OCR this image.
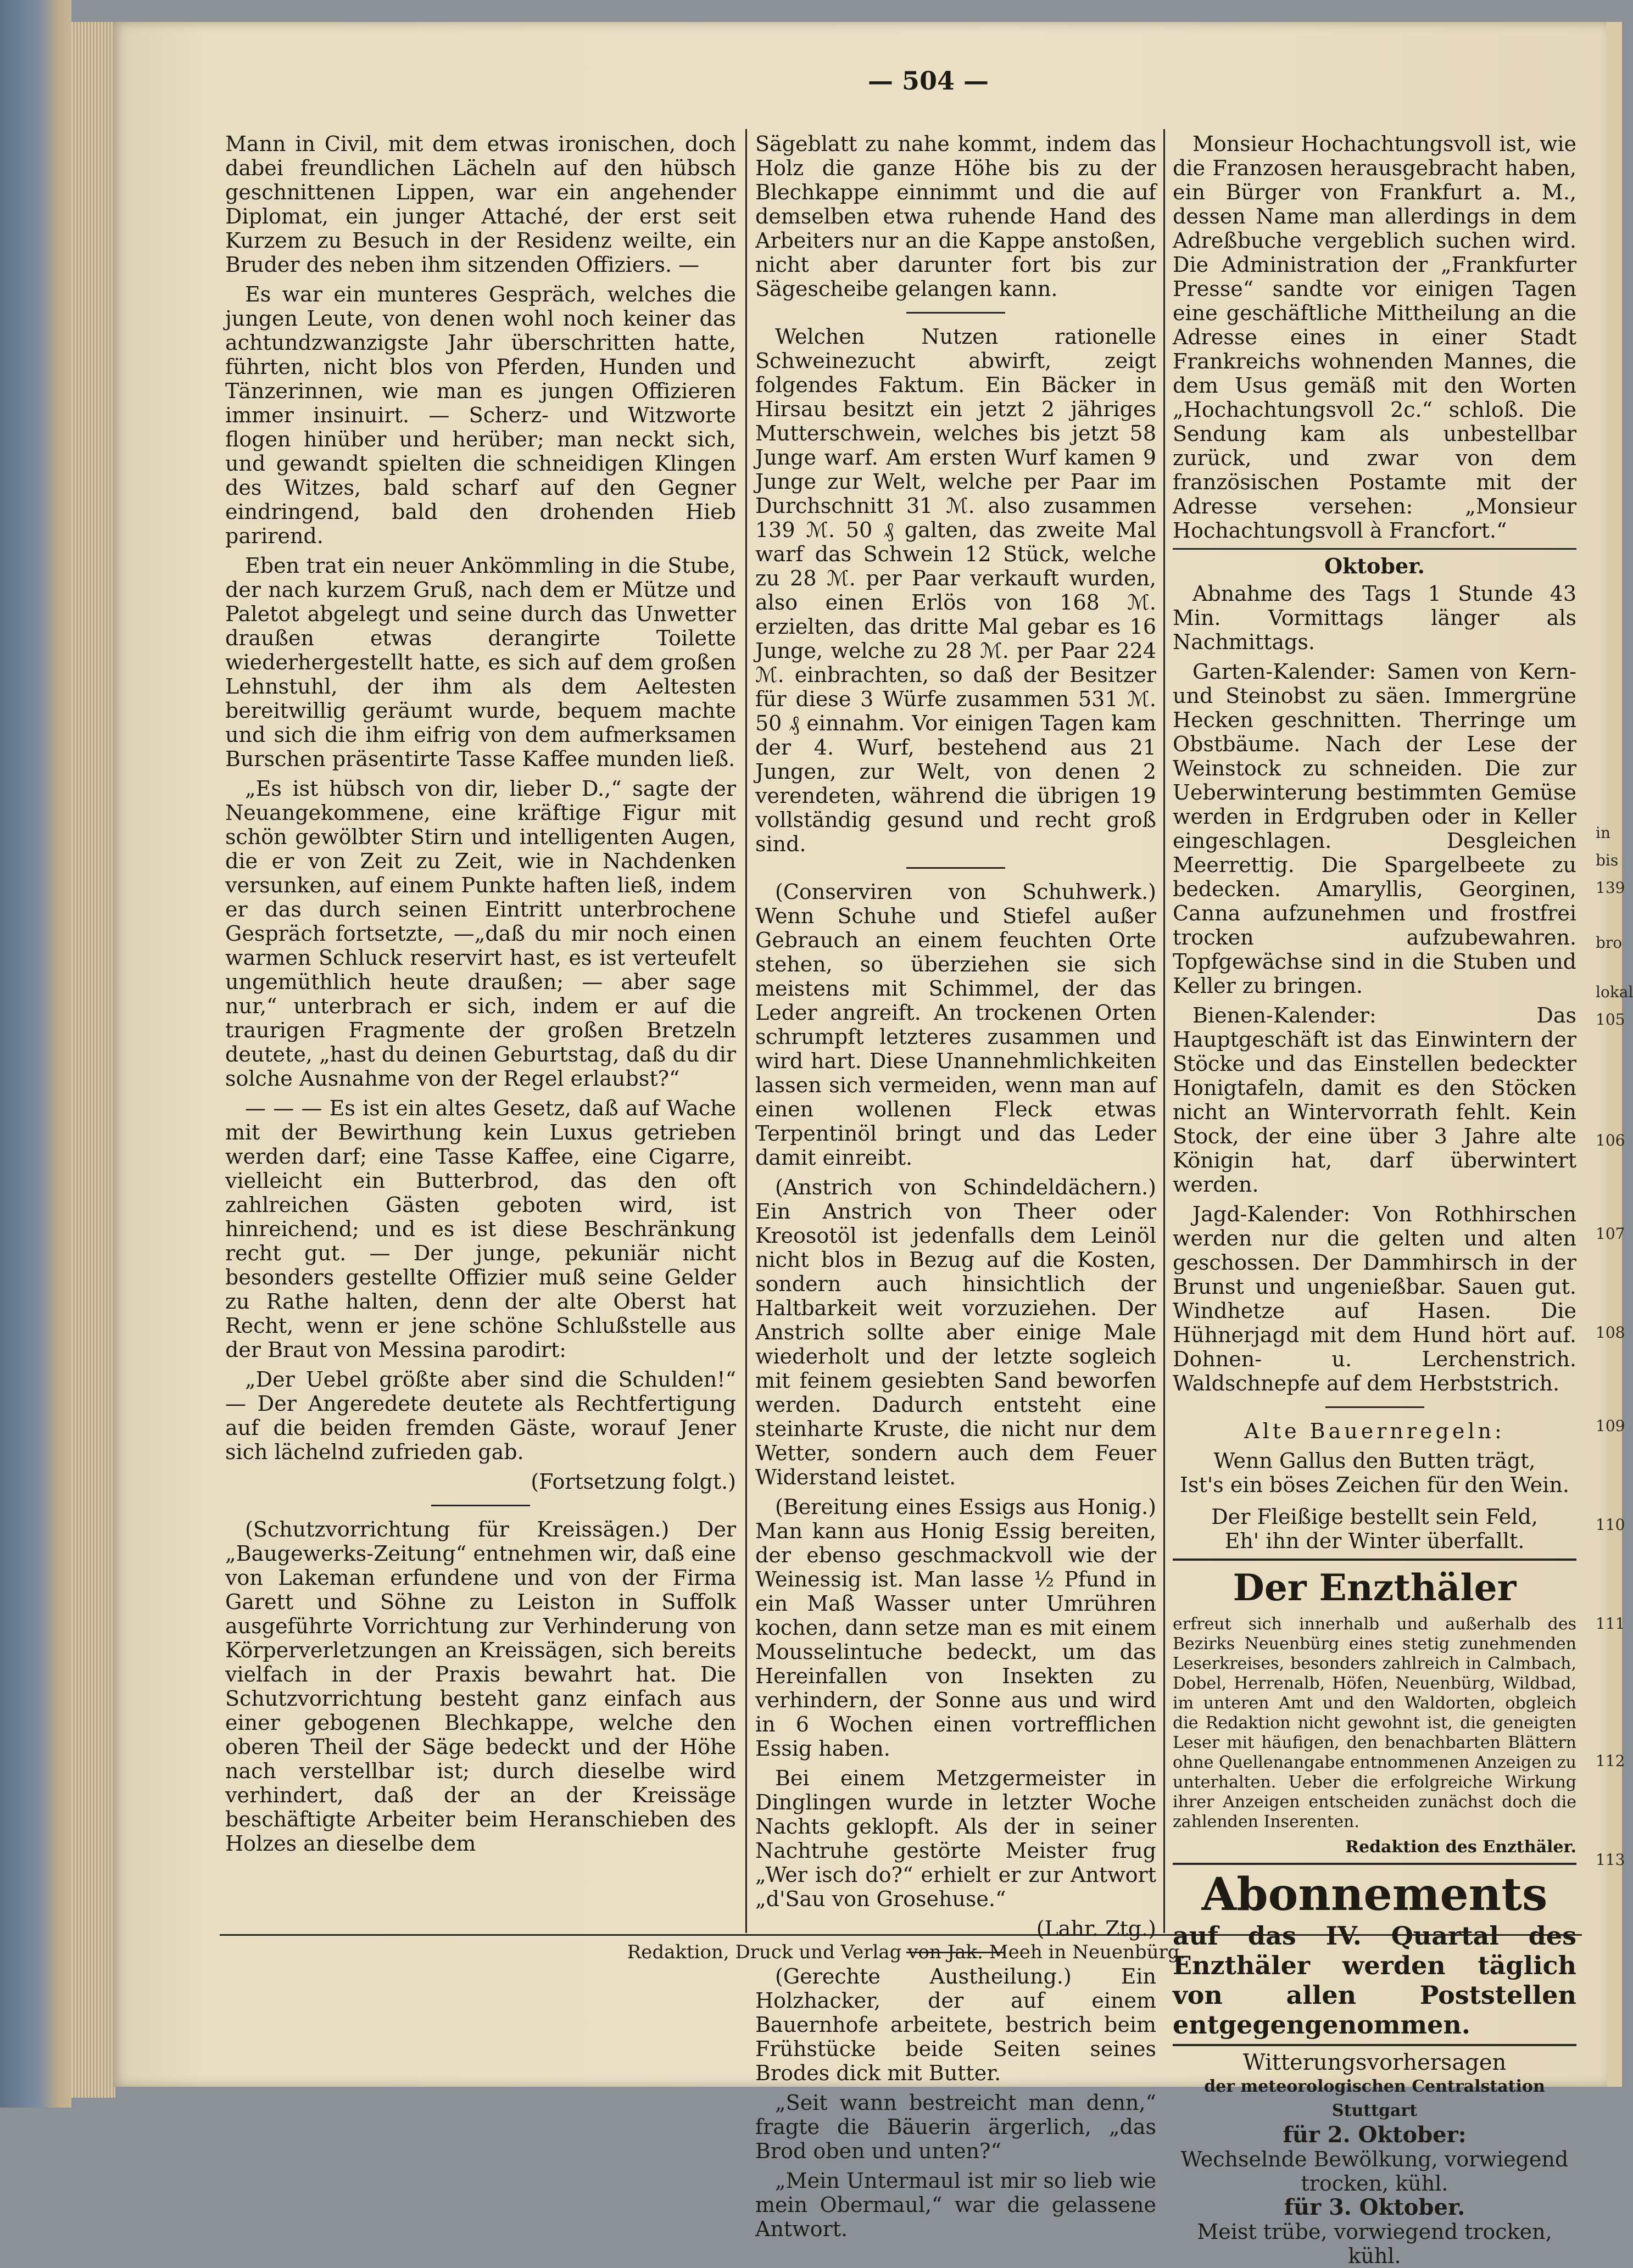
— 504 —

Mann in Civil, mit dem etwas ironischen, doch dabei freundlichen Lächeln auf den hübsch geschnittenen Lippen, war ein angehender Diplomat, ein junger Attaché, der erst seit Kurzem zu Besuch in der Residenz weilte, ein Bruder des neben ihm sitzenden Offiziers. —

Es war ein munteres Gespräch, welches die jungen Leute, von denen wohl noch keiner das achtundzwanzigste Jahr überschritten hatte, führten, nicht blos von Pferden, Hunden und Tänzerinnen, wie man es jungen Offizieren immer insinuirt. — Scherz- und Witzworte flogen hinüber und herüber; man neckt sich, und gewandt spielten die schneidigen Klingen des Witzes, bald scharf auf den Gegner eindringend, bald den drohenden Hieb parirend.

Eben trat ein neuer Ankömmling in die Stube, der nach kurzem Gruß, nach dem er Mütze und Paletot abgelegt und seine durch das Unwetter draußen etwas derangirte Toilette wiederhergestellt hatte, es sich auf dem großen Lehnstuhl, der ihm als dem Aeltesten bereitwillig geräumt wurde, bequem machte und sich die ihm eifrig von dem aufmerksamen Burschen präsentirte Tasse Kaffee munden ließ.

„Es ist hübsch von dir, lieber D.,“ sagte der Neuangekommene, eine kräftige Figur mit schön gewölbter Stirn und intelligenten Augen, die er von Zeit zu Zeit, wie in Nachdenken versunken, auf einem Punkte haften ließ, indem er das durch seinen Eintritt unterbrochene Gespräch fortsetzte, —„daß du mir noch einen warmen Schluck reservirt hast, es ist verteufelt ungemüthlich heute draußen; — aber sage nur,“ unterbrach er sich, indem er auf die traurigen Fragmente der großen Bretzeln deutete, „hast du deinen Geburtstag, daß du dir solche Ausnahme von der Regel erlaubst?“

— — — Es ist ein altes Gesetz, daß auf Wache mit der Bewirthung kein Luxus getrieben werden darf; eine Tasse Kaffee, eine Cigarre, vielleicht ein Butterbrod, das den oft zahlreichen Gästen geboten wird, ist hinreichend; und es ist diese Beschränkung recht gut. — Der junge, pekuniär nicht besonders gestellte Offizier muß seine Gelder zu Rathe halten, denn der alte Oberst hat Recht, wenn er jene schöne Schlußstelle aus der Braut von Messina parodirt:

„Der Uebel größte aber sind die Schulden!“ — Der Angeredete deutete als Rechtfertigung auf die beiden fremden Gäste, worauf Jener sich lächelnd zufrieden gab.

(Fortsetzung folgt.)

(Schutzvorrichtung für Kreissägen.) Der „Baugewerks-Zeitung“ entnehmen wir, daß eine von Lakeman erfundene und von der Firma Garett und Söhne zu Leiston in Suffolk ausgeführte Vorrichtung zur Verhinderung von Körperverletzungen an Kreissägen, sich bereits vielfach in der Praxis bewahrt hat. Die Schutzvorrichtung besteht ganz einfach aus einer gebogenen Blechkappe, welche den oberen Theil der Säge bedeckt und der Höhe nach verstellbar ist; durch dieselbe wird verhindert, daß der an der Kreissäge beschäftigte Arbeiter beim Heranschieben des Holzes an dieselbe dem

Sägeblatt zu nahe kommt, indem das Holz die ganze Höhe bis zu der Blechkappe einnimmt und die auf demselben etwa ruhende Hand des Arbeiters nur an die Kappe anstoßen, nicht aber darunter fort bis zur Sägescheibe gelangen kann.

Welchen Nutzen rationelle Schweinezucht abwirft, zeigt folgendes Faktum. Ein Bäcker in Hirsau besitzt ein jetzt 2 jähriges Mutterschwein, welches bis jetzt 58 Junge warf. Am ersten Wurf kamen 9 Junge zur Welt, welche per Paar im Durchschnitt 31 ℳ. also zusammen 139 ℳ. 50 ₰ galten, das zweite Mal warf das Schwein 12 Stück, welche zu 28 ℳ. per Paar verkauft wurden, also einen Erlös von 168 ℳ. erzielten, das dritte Mal gebar es 16 Junge, welche zu 28 ℳ. per Paar 224 ℳ. einbrachten, so daß der Besitzer für diese 3 Würfe zusammen 531 ℳ. 50 ₰ einnahm. Vor einigen Tagen kam der 4. Wurf, bestehend aus 21 Jungen, zur Welt, von denen 2 verendeten, während die übrigen 19 vollständig gesund und recht groß sind.

(Conserviren von Schuhwerk.) Wenn Schuhe und Stiefel außer Gebrauch an einem feuchten Orte stehen, so überziehen sie sich meistens mit Schimmel, der das Leder angreift. An trockenen Orten schrumpft letzteres zusammen und wird hart. Diese Unannehmlichkeiten lassen sich vermeiden, wenn man auf einen wollenen Fleck etwas Terpentinöl bringt und das Leder damit einreibt.

(Anstrich von Schindeldächern.) Ein Anstrich von Theer oder Kreosotöl ist jedenfalls dem Leinöl nicht blos in Bezug auf die Kosten, sondern auch hinsichtlich der Haltbarkeit weit vorzuziehen. Der Anstrich sollte aber einige Male wiederholt und der letzte sogleich mit feinem gesiebten Sand beworfen werden. Dadurch entsteht eine steinharte Kruste, die nicht nur dem Wetter, sondern auch dem Feuer Widerstand leistet.

(Bereitung eines Essigs aus Honig.) Man kann aus Honig Essig bereiten, der ebenso geschmackvoll wie der Weinessig ist. Man lasse ½ Pfund in ein Maß Wasser unter Umrühren kochen, dann setze man es mit einem Mousselintuche bedeckt, um das Hereinfallen von Insekten zu verhindern, der Sonne aus und wird in 6 Wochen einen vortrefflichen Essig haben.

Bei einem Metzgermeister in Dinglingen wurde in letzter Woche Nachts geklopft. Als der in seiner Nachtruhe gestörte Meister frug „Wer isch do?“ erhielt er zur Antwort „d'Sau von Grosehuse.“

(Lahr. Ztg.)

(Gerechte Austheilung.) Ein Holzhacker, der auf einem Bauernhofe arbeitete, bestrich beim Frühstücke beide Seiten seines Brodes dick mit Butter.

„Seit wann bestreicht man denn,“ fragte die Bäuerin ärgerlich, „das Brod oben und unten?“

„Mein Untermaul ist mir so lieb wie mein Obermaul,“ war die gelassene Antwort.

Monsieur Hochachtungsvoll ist, wie die Franzosen herausgebracht haben, ein Bürger von Frankfurt a. M., dessen Name man allerdings in dem Adreßbuche vergeblich suchen wird. Die Administration der „Frankfurter Presse“ sandte vor einigen Tagen eine geschäftliche Mittheilung an die Adresse eines in einer Stadt Frankreichs wohnenden Mannes, die dem Usus gemäß mit den Worten „Hochachtungsvoll 2c.“ schloß. Die Sendung kam als unbestellbar zurück, und zwar von dem französischen Postamte mit der Adresse versehen: „Monsieur Hochachtungsvoll à Francfort.“

Oktober.

Abnahme des Tags 1 Stunde 43 Min. Vormittags länger als Nachmittags.

Garten-Kalender: Samen von Kern- und Steinobst zu säen. Immergrüne Hecken geschnitten. Therringe um Obstbäume. Nach der Lese der Weinstock zu schneiden. Die zur Ueberwinterung bestimmten Gemüse werden in Erdgruben oder in Keller eingeschlagen. Desgleichen Meerrettig. Die Spargelbeete zu bedecken. Amaryllis, Georginen, Canna aufzunehmen und frostfrei trocken aufzubewahren. Topfgewächse sind in die Stuben und Keller zu bringen.

Bienen-Kalender: Das Hauptgeschäft ist das Einwintern der Stöcke und das Einstellen bedeckter Honigtafeln, damit es den Stöcken nicht an Wintervorrath fehlt. Kein Stock, der eine über 3 Jahre alte Königin hat, darf überwintert werden.

Jagd-Kalender: Von Rothhirschen werden nur die gelten und alten geschossen. Der Dammhirsch in der Brunst und ungenießbar. Sauen gut. Windhetze auf Hasen. Die Hühnerjagd mit dem Hund hört auf. Dohnen- u. Lerchenstrich. Waldschnepfe auf dem Herbststrich.

Alte Bauernregeln:

Wenn Gallus den Butten trägt,

Ist's ein böses Zeichen für den Wein.

Der Fleißige bestellt sein Feld,

Eh' ihn der Winter überfallt.

Der Enzthäler

erfreut sich innerhalb und außerhalb des Bezirks Neuenbürg eines stetig zunehmenden Leserkreises, besonders zahlreich in Calmbach, Dobel, Herrenalb, Höfen, Neuenbürg, Wildbad, im unteren Amt und den Waldorten, obgleich die Redaktion nicht gewohnt ist, die geneigten Leser mit häufigen, den benachbarten Blättern ohne Quellenangabe entnommenen Anzeigen zu unterhalten. Ueber die erfolgreiche Wirkung ihrer Anzeigen entscheiden zunächst doch die zahlenden Inserenten.

Redaktion des Enzthäler.

Abonnements
auf das IV. Quartal des Enzthäler werden täglich von allen Poststellen entgegengenommen.
Witterungsvorhersagen
der meteorologischen Centralstation Stuttgart
für 2. Oktober:
Wechselnde Bewölkung, vorwiegend trocken, kühl.
für 3. Oktober.
Meist trübe, vorwiegend trocken, kühl.
Redaktion, Druck und Verlag von Jak. Meeh in Neuenbürg.
in
bis
139
bro
lokal
105
106
107
108
109
110
111
112
113
